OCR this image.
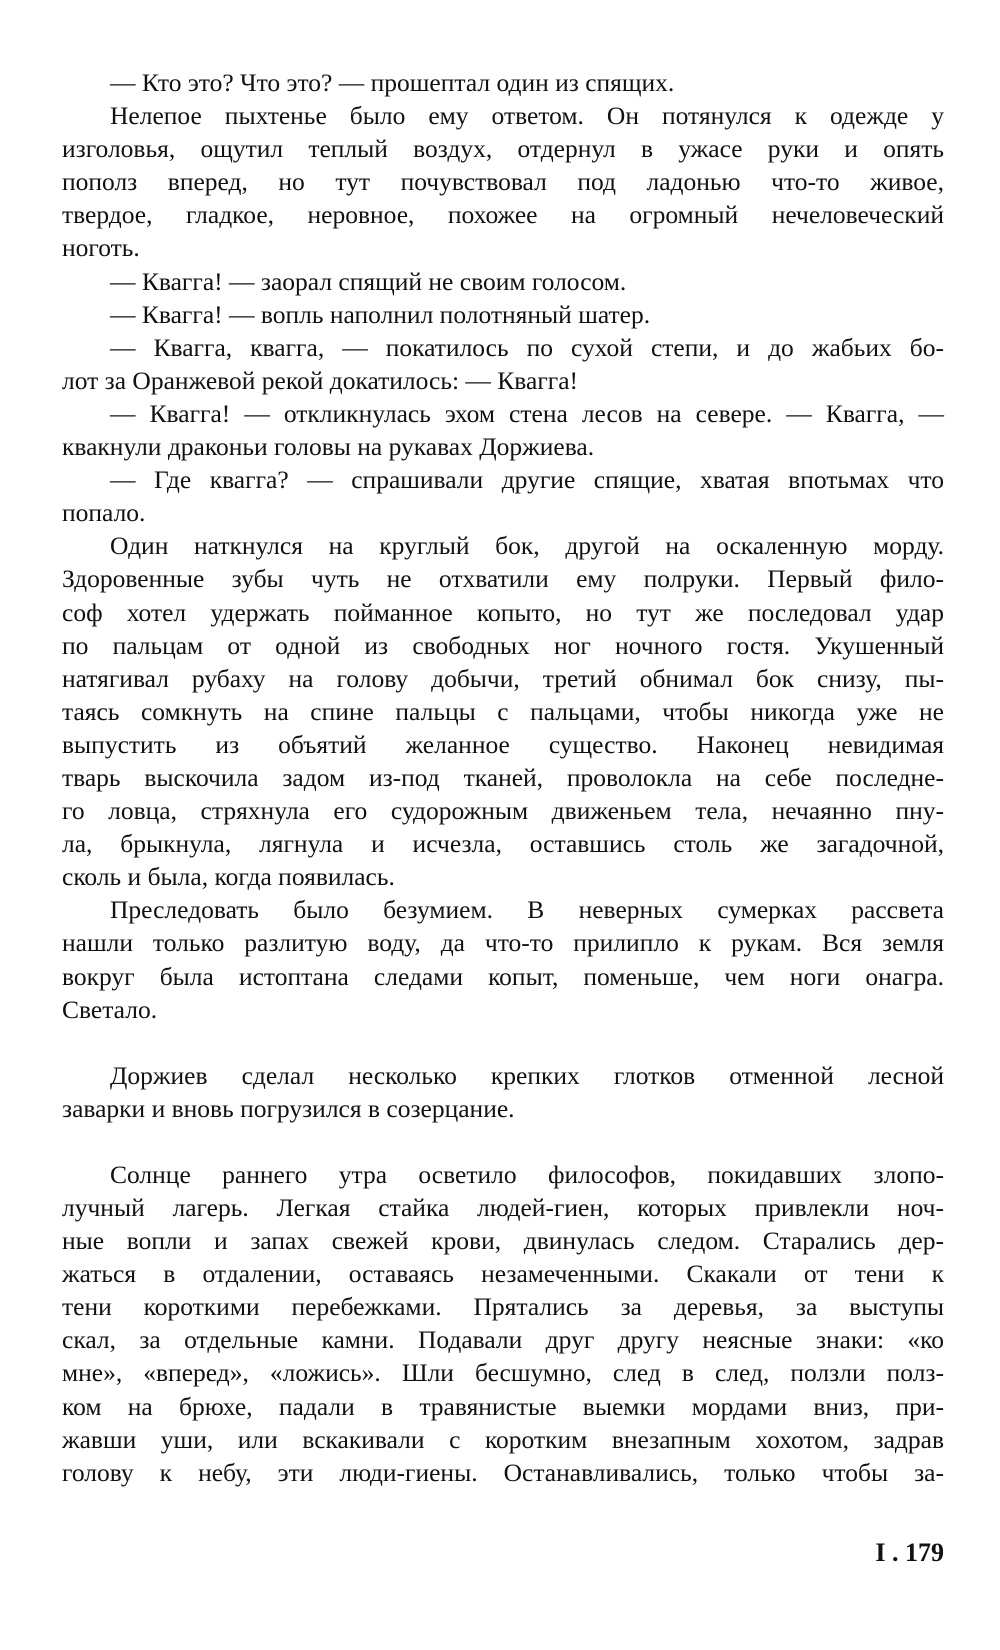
— Кто это? Что это? — прошептал один из спящих.
Нелепое пыхтенье было ему ответом. Он потянулся к одежде у
изголовья, ощутил теплый воздух, отдернул в ужасе руки и опять
пополз вперед, но тут почувствовал под ладонью что-то живое,
твердое, гладкое, неровное, похожее на огромный нечеловеческий
ноготь.
— Квагга! — заорал спящий не своим голосом.
— Квагга! — вопль наполнил полотняный шатер.
— Квагга, квагга, — покатилось по сухой степи, и до жабьих бо-
лот за Оранжевой рекой докатилось: — Квагга!
— Квагга! — откликнулась эхом стена лесов на севере. — Квагга, —
квакнули драконьи головы на рукавах Доржиева.
— Где квагга? — спрашивали другие спящие, хватая впотьмах что
попало.
Один наткнулся на круглый бок, другой на оскаленную морду.
Здоровенные зубы чуть не отхватили ему полруки. Первый фило-
соф хотел удержать пойманное копыто, но тут же последовал удар
по пальцам от одной из свободных ног ночного гостя. Укушенный
натягивал рубаху на голову добычи, третий обнимал бок снизу, пы-
таясь сомкнуть на спине пальцы с пальцами, чтобы никогда уже не
выпустить из объятий желанное существо. Наконец невидимая
тварь выскочила задом из-под тканей, проволокла на себе последне-
го ловца, стряхнула его судорожным движеньем тела, нечаянно пну-
ла, брыкнула, лягнула и исчезла, оставшись столь же загадочной,
сколь и была, когда появилась.
Преследовать было безумием. В неверных сумерках рассвета
нашли только разлитую воду, да что-то прилипло к рукам. Вся земля
вокруг была истоптана следами копыт, поменьше, чем ноги онагра.
Светало.
Доржиев сделал несколько крепких глотков отменной лесной
заварки и вновь погрузился в созерцание.
Солнце раннего утра осветило философов, покидавших злопо-
лучный лагерь. Легкая стайка людей-гиен, которых привлекли ноч-
ные вопли и запах свежей крови, двинулась следом. Старались дер-
жаться в отдалении, оставаясь незамеченными. Скакали от тени к
тени короткими перебежками. Прятались за деревья, за выступы
скал, за отдельные камни. Подавали друг другу неясные знаки: «ко
мне», «вперед», «ложись». Шли бесшумно, след в след, ползли полз-
ком на брюхе, падали в травянистые выемки мордами вниз, при-
жавши уши, или вскакивали с коротким внезапным хохотом, задрав
голову к небу, эти люди-гиены. Останавливались, только чтобы за-
I . 179
